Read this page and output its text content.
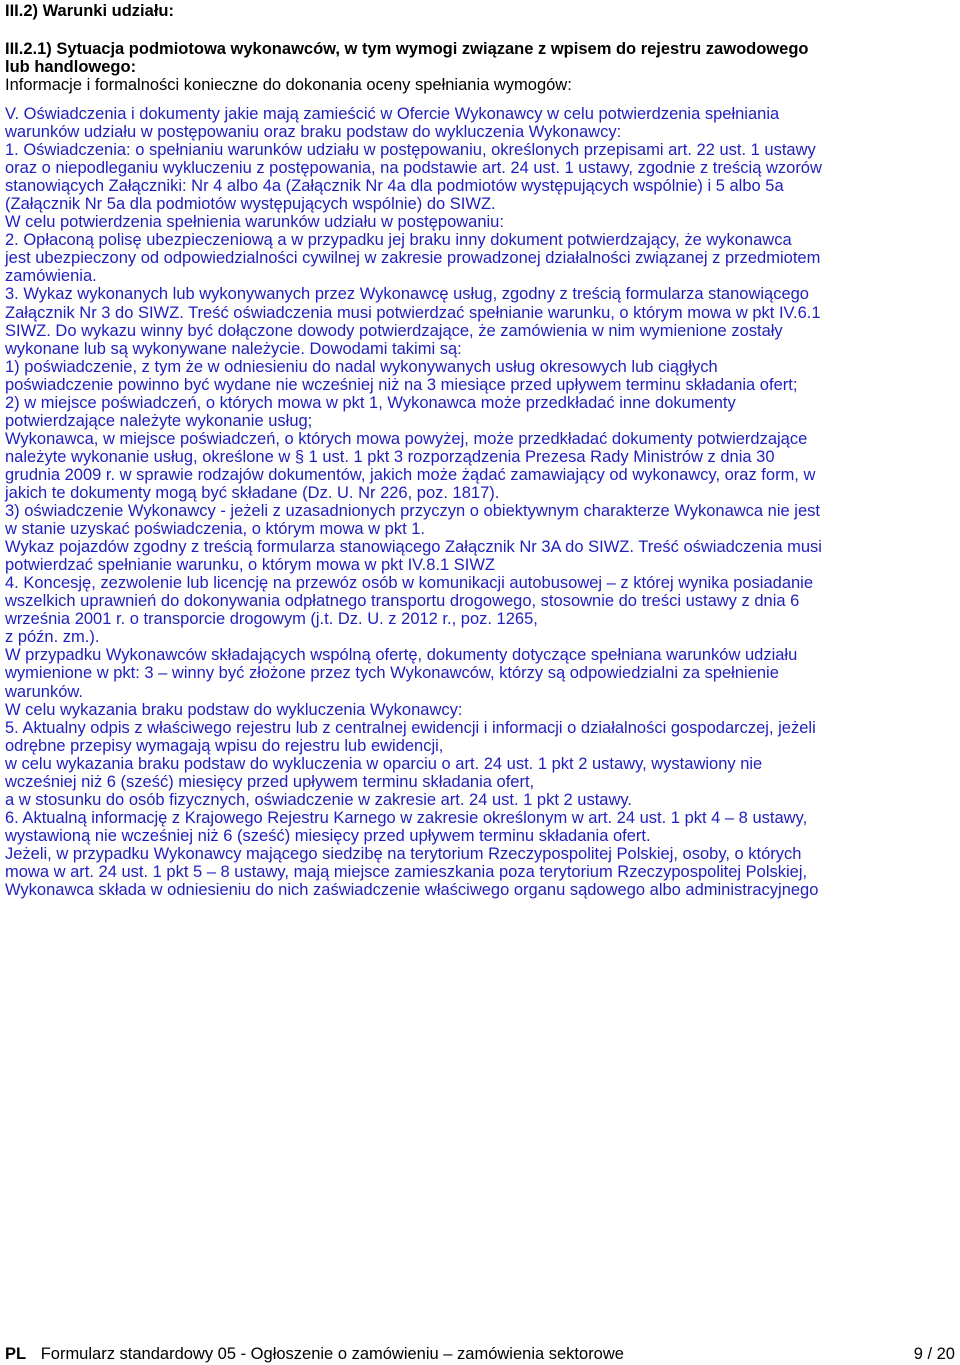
III.2) Warunki udziału:
III.2.1) Sytuacja podmiotowa wykonawców, w tym wymogi związane z wpisem do rejestru zawodowego
lub handlowego:
Informacje i formalności konieczne do dokonania oceny spełniania wymogów:
V. Oświadczenia i dokumenty jakie mają zamieścić w Ofercie Wykonawcy w celu potwierdzenia spełniania
warunków udziału w postępowaniu oraz braku podstaw do wykluczenia Wykonawcy:
1. Oświadczenia: o spełnianiu warunków udziału w postępowaniu, określonych przepisami art. 22 ust. 1 ustawy
oraz o niepodleganiu wykluczeniu z postępowania, na podstawie art. 24 ust. 1 ustawy, zgodnie z treścią wzorów
stanowiących Załączniki: Nr 4 albo 4a (Załącznik Nr 4a dla podmiotów występujących wspólnie) i 5 albo 5a
(Załącznik Nr 5a dla podmiotów występujących wspólnie) do SIWZ.
W celu potwierdzenia spełnienia warunków udziału w postępowaniu:
2. Opłaconą polisę ubezpieczeniową a w przypadku jej braku inny dokument potwierdzający, że wykonawca
jest ubezpieczony od odpowiedzialności cywilnej w zakresie prowadzonej działalności związanej z przedmiotem
zamówienia.
3. Wykaz wykonanych lub wykonywanych przez Wykonawcę usług, zgodny z treścią formularza stanowiącego
Załącznik Nr 3 do SIWZ. Treść oświadczenia musi potwierdzać spełnianie warunku, o którym mowa w pkt IV.6.1
SIWZ. Do wykazu winny być dołączone dowody potwierdzające, że zamówienia w nim wymienione zostały
wykonane lub są wykonywane należycie. Dowodami takimi są:
1) poświadczenie, z tym że w odniesieniu do nadal wykonywanych usług okresowych lub ciągłych
poświadczenie powinno być wydane nie wcześniej niż na 3 miesiące przed upływem terminu składania ofert;
2) w miejsce poświadczeń, o których mowa w pkt 1, Wykonawca może przedkładać inne dokumenty
potwierdzające należyte wykonanie usług;
Wykonawca, w miejsce poświadczeń, o których mowa powyżej, może przedkładać dokumenty potwierdzające
należyte wykonanie usług, określone w § 1 ust. 1 pkt 3 rozporządzenia Prezesa Rady Ministrów z dnia 30
grudnia 2009 r. w sprawie rodzajów dokumentów, jakich może żądać zamawiający od wykonawcy, oraz form, w
jakich te dokumenty mogą być składane (Dz. U. Nr 226, poz. 1817).
3) oświadczenie Wykonawcy - jeżeli z uzasadnionych przyczyn o obiektywnym charakterze Wykonawca nie jest
w stanie uzyskać poświadczenia, o którym mowa w pkt 1.
Wykaz pojazdów zgodny z treścią formularza stanowiącego Załącznik Nr 3A do SIWZ. Treść oświadczenia musi
potwierdzać spełnianie warunku, o którym mowa w pkt IV.8.1 SIWZ
4. Koncesję, zezwolenie lub licencję na przewóz osób w komunikacji autobusowej – z której wynika posiadanie
wszelkich uprawnień do dokonywania odpłatnego transportu drogowego, stosownie do treści ustawy z dnia 6
września 2001 r. o transporcie drogowym (j.t. Dz. U. z 2012 r., poz. 1265,
z późn. zm.).
W przypadku Wykonawców składających wspólną ofertę, dokumenty dotyczące spełniana warunków udziału
wymienione w pkt: 3 – winny być złożone przez tych Wykonawców, którzy są odpowiedzialni za spełnienie
warunków.
W celu wykazania braku podstaw do wykluczenia Wykonawcy:
5. Aktualny odpis z właściwego rejestru lub z centralnej ewidencji i informacji o działalności gospodarczej, jeżeli
odrębne przepisy wymagają wpisu do rejestru lub ewidencji,
w celu wykazania braku podstaw do wykluczenia w oparciu o art. 24 ust. 1 pkt 2 ustawy, wystawiony nie
wcześniej niż 6 (sześć) miesięcy przed upływem terminu składania ofert,
a w stosunku do osób fizycznych, oświadczenie w zakresie art. 24 ust. 1 pkt 2 ustawy.
6. Aktualną informację z Krajowego Rejestru Karnego w zakresie określonym w art. 24 ust. 1 pkt 4 – 8 ustawy,
wystawioną nie wcześniej niż 6 (sześć) miesięcy przed upływem terminu składania ofert.
Jeżeli, w przypadku Wykonawcy mającego siedzibę na terytorium Rzeczypospolitej Polskiej, osoby, o których
mowa w art. 24 ust. 1 pkt 5 – 8 ustawy, mają miejsce zamieszkania poza terytorium Rzeczypospolitej Polskiej,
Wykonawca składa w odniesieniu do nich zaświadczenie właściwego organu sądowego albo administracyjnego
PL Formularz standardowy 05 - Ogłoszenie o zamówieniu – zamówienia sektorowe	9 / 20
